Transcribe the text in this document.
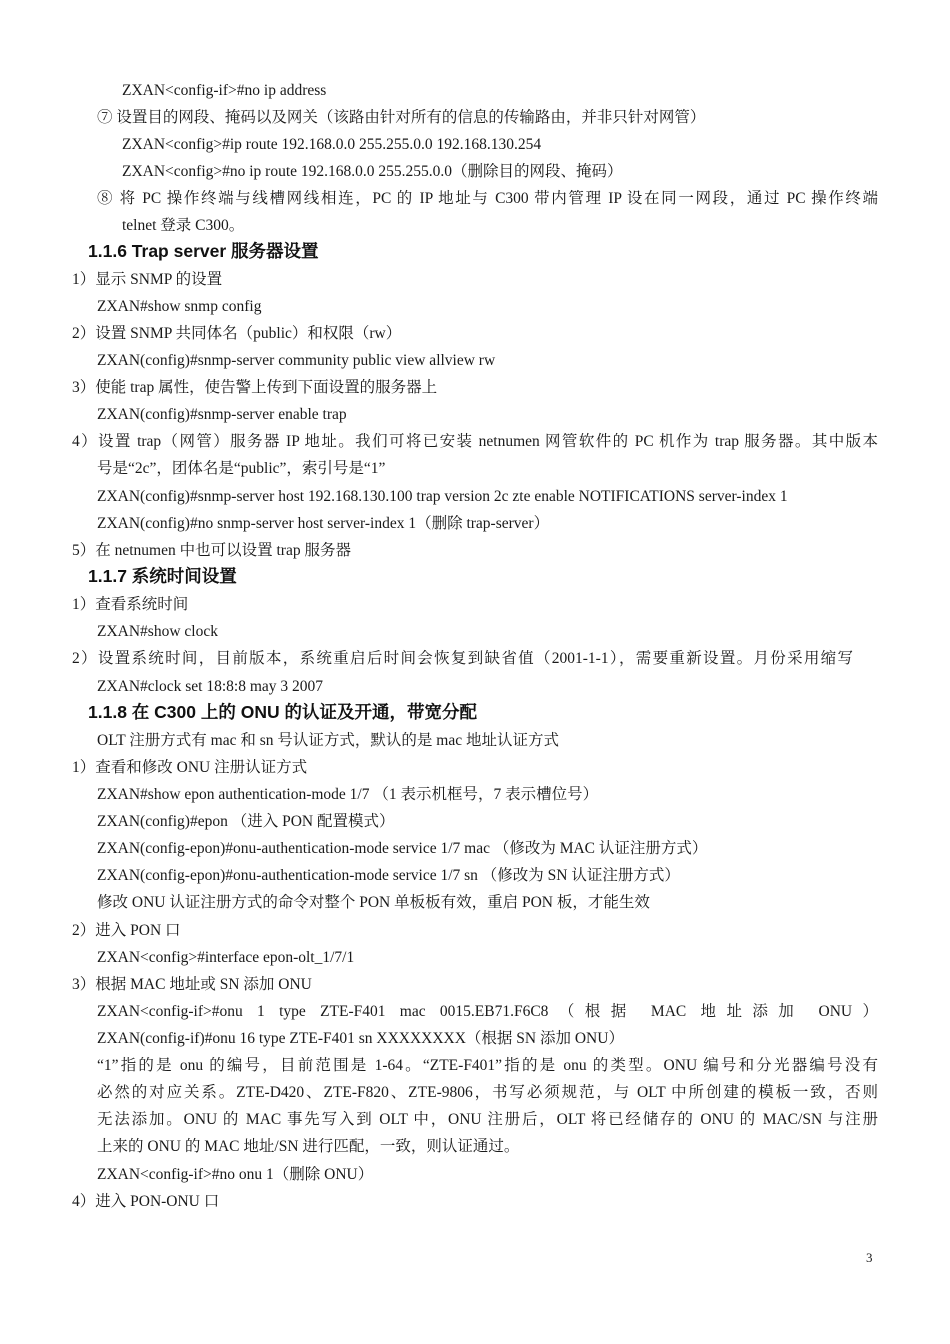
ZXAN<config-if>#no ip address
⑦ 设置目的网段、掩码以及网关（该路由针对所有的信息的传输路由，并非只针对网管）
ZXAN<config>#ip route 192.168.0.0 255.255.0.0 192.168.130.254
ZXAN<config>#no ip route 192.168.0.0 255.255.0.0（删除目的网段、掩码）
⑧ 将 PC 操作终端与线槽网线相连，PC 的 IP 地址与 C300 带内管理 IP 设在同一网段，通过 PC 操作终端
telnet 登录 C300。
1.1.6 Trap server 服务器设置
1）显示 SNMP 的设置
ZXAN#show snmp config
2）设置 SNMP 共同体名（public）和权限（rw）
ZXAN(config)#snmp-server community public view allview rw
3）使能 trap 属性，使告警上传到下面设置的服务器上
ZXAN(config)#snmp-server enable trap
4）设置 trap（网管）服务器 IP 地址。我们可将已安装 netnumen 网管软件的 PC 机作为 trap 服务器。其中版本
号是“2c”，团体名是“public”，索引号是“1”
ZXAN(config)#snmp-server host 192.168.130.100 trap version 2c zte enable NOTIFICATIONS server-index 1
ZXAN(config)#no snmp-server host server-index 1（删除 trap-server）
5）在 netnumen 中也可以设置 trap 服务器
1.1.7 系统时间设置
1）查看系统时间
ZXAN#show clock
2）设置系统时间，目前版本，系统重启后时间会恢复到缺省值（2001-1-1），需要重新设置。月份采用缩写
ZXAN#clock set 18:8:8 may 3 2007
1.1.8 在 C300 上的 ONU 的认证及开通，带宽分配
OLT 注册方式有 mac 和 sn 号认证方式，默认的是 mac 地址认证方式
1）查看和修改 ONU 注册认证方式
ZXAN#show epon authentication-mode 1/7 （1 表示机框号，7 表示槽位号）
ZXAN(config)#epon （进入 PON 配置模式）
ZXAN(config-epon)#onu-authentication-mode service 1/7 mac （修改为 MAC 认证注册方式）
ZXAN(config-epon)#onu-authentication-mode service 1/7 sn （修改为 SN 认证注册方式）
修改 ONU 认证注册方式的命令对整个 PON 单板板有效，重启 PON 板，才能生效
2）进入 PON 口
ZXAN<config>#interface epon-olt_1/7/1
3）根据 MAC 地址或 SN 添加 ONU
ZXAN<config-if>#onu 1 type ZTE-F401 mac 0015.EB71.F6C8（根据 MAC 地址添加 ONU）
ZXAN(config-if)#onu 16 type ZTE-F401 sn XXXXXXXX（根据 SN 添加 ONU）
“1”指的是 onu 的编号，目前范围是 1-64。“ZTE-F401”指的是 onu 的类型。ONU 编号和分光器编号没有
必然的对应关系。ZTE-D420、ZTE-F820、ZTE-9806，书写必须规范，与 OLT 中所创建的模板一致，否则
无法添加。ONU 的 MAC 事先写入到 OLT 中，ONU 注册后，OLT 将已经储存的 ONU 的 MAC/SN 与注册
上来的 ONU 的 MAC 地址/SN 进行匹配，一致，则认证通过。
ZXAN<config-if>#no onu 1（删除 ONU）
4）进入 PON-ONU 口
3
